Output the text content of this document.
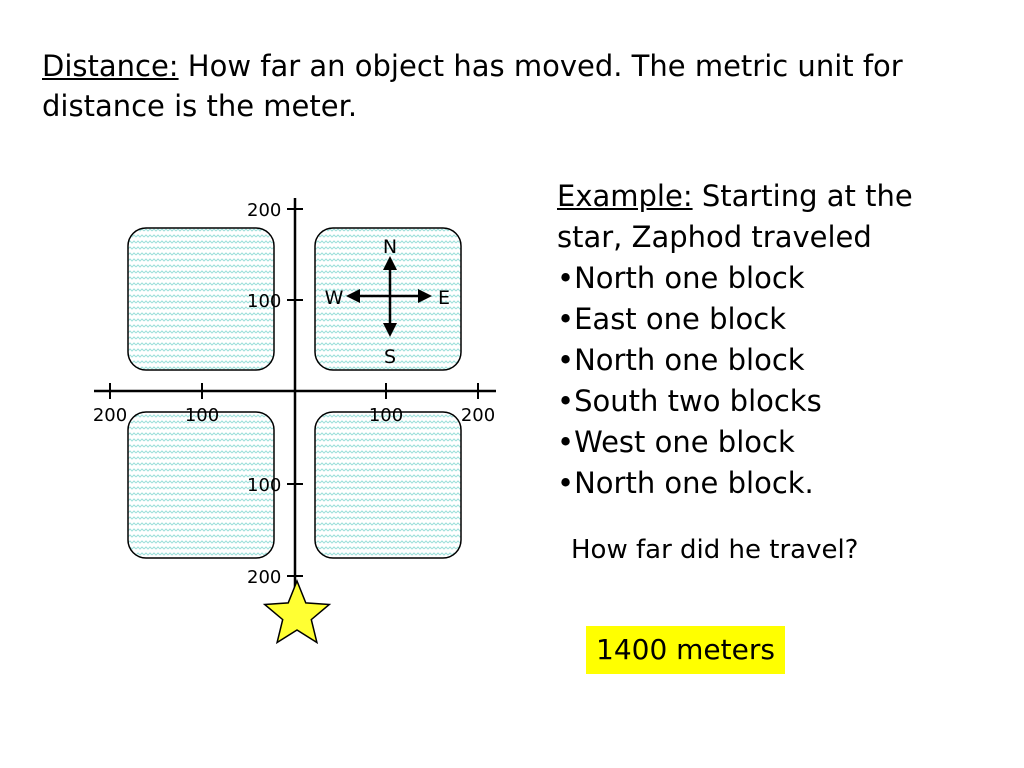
Distance: How far an object has moved. The metric unit for distance is the meter.

200
100
100
200
200	100	100	200
N
S
W	E
Example: Starting at the
star, Zaphod traveled
•North one block
•East one block
•North one block
•South two blocks
•West one block
•North one block.
How far did he travel?
1400 meters
